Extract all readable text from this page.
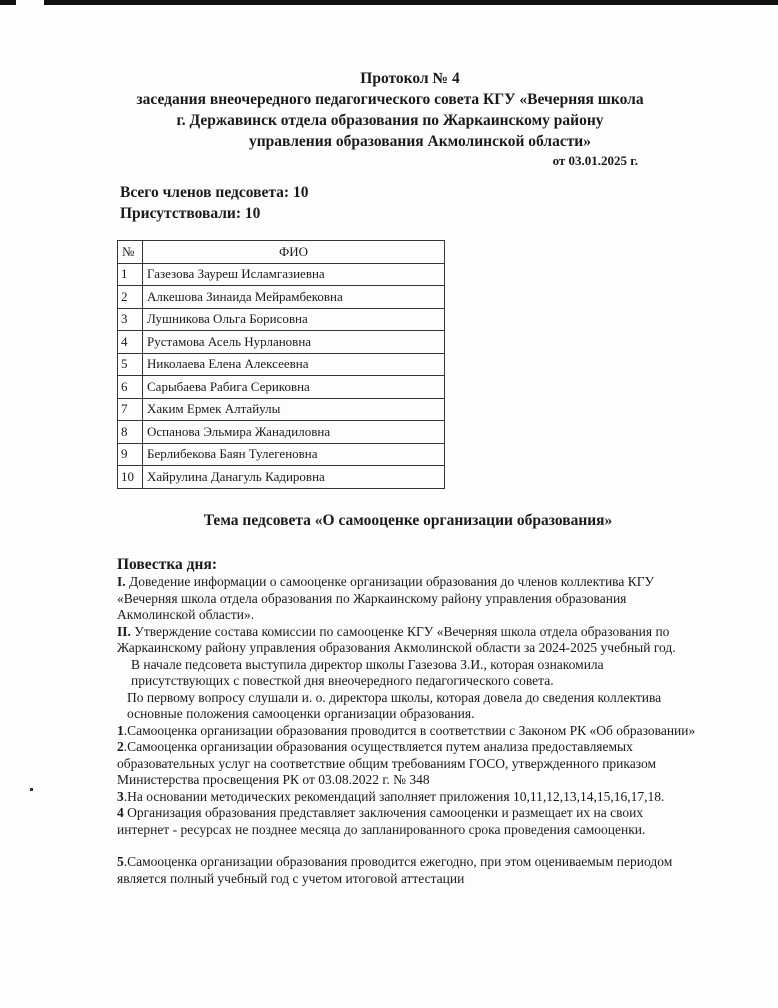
Протокол № 4
заседания внеочередного педагогического совета КГУ «Вечерняя школа
г. Державинск отдела образования по Жаркаинскому району
управления образования Акмолинской области»
от 03.01.2025 г.
Всего членов педсовета: 10
Присутствовали: 10
№	ФИО
1	Газезова Зауреш Исламгазиевна
2	Алкешова Зинаида Мейрамбековна
3	Лушникова Ольга Борисовна
4	Рустамова Асель Нурлановна
5	Николаева Елена Алексеевна
6	Сарыбаева Рабига Сериковна
7	Хаким Ермек Алтайулы
8	Оспанова Эльмира Жанадиловна
9	Берлибекова Баян Тулегеновна
10	Хайрулина Данагуль Кадировна
Тема педсовета «О самооценке организации образования»
Повестка дня:

I. Доведение информации о самооценке организации образования до членов коллектива КГУ «Вечерняя школа отдела образования по Жаркаинскому району управления образования Акмолинской области».

II. Утверждение состава комиссии по самооценке КГУ «Вечерняя школа отдела образования по Жаркаинскому району управления образования Акмолинской области за 2024-2025 учебный год.

В начале педсовета выступила директор школы Газезова З.И., которая ознакомила присутствующих с повесткой дня внеочередного педагогического совета.

По первому вопросу слушали и. о. директора школы, которая довела до сведения коллектива основные положения самооценки организации образования.

1.Самооценка организации образования проводится в соответствии с Законом РК «Об образовании»

2.Самооценка организации образования осуществляется путем анализа предоставляемых образовательных услуг на соответствие общим требованиям ГОСО, утвержденного приказом Министерства просвещения РК от 03.08.2022 г. № 348

3.На основании методических рекомендаций заполняет приложения 10,11,12,13,14,15,16,17,18.

4 Организация образования представляет заключения самооценки и размещает их на своих интернет - ресурсах не позднее месяца до запланированного срока проведения самооценки.

5.Самооценка организации образования проводится ежегодно, при этом оцениваемым периодом является полный учебный год с учетом итоговой аттестации
